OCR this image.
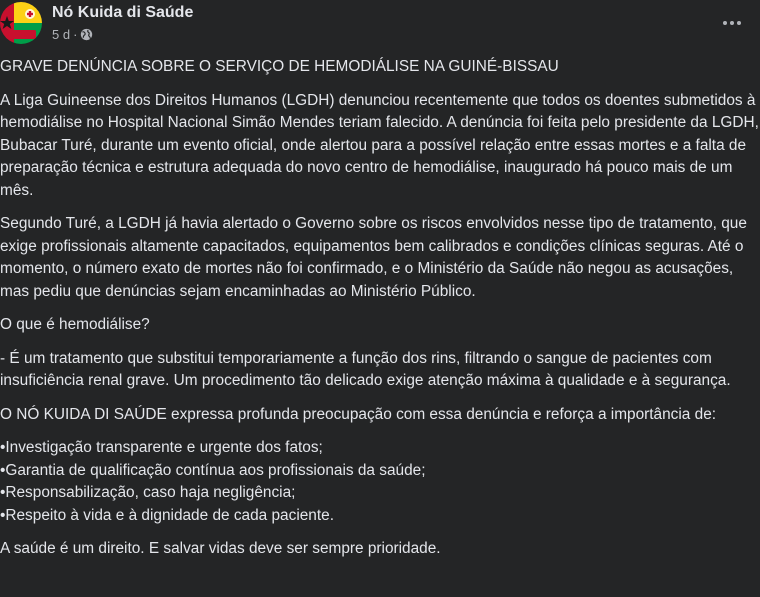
Nó Kuida di Saúde
5 d ·

GRAVE DENÚNCIA SOBRE O SERVIÇO DE HEMODIÁLISE NA GUINÉ-BISSAU

A Liga Guineense dos Direitos Humanos (LGDH) denunciou recentemente que todos os doentes submetidos à hemodiálise no Hospital Nacional Simão Mendes teriam falecido. A denúncia foi feita pelo presidente da LGDH, Bubacar Turé, durante um evento oficial, onde alertou para a possível relação entre essas mortes e a falta de preparação técnica e estrutura adequada do novo centro de hemodiálise, inaugurado há pouco mais de um mês.

Segundo Turé, a LGDH já havia alertado o Governo sobre os riscos envolvidos nesse tipo de tratamento, que exige profissionais altamente capacitados, equipamentos bem calibrados e condições clínicas seguras. Até o momento, o número exato de mortes não foi confirmado, e o Ministério da Saúde não negou as acusações, mas pediu que denúncias sejam encaminhadas ao Ministério Público.

O que é hemodiálise?

- É um tratamento que substitui temporariamente a função dos rins, filtrando o sangue de pacientes com insuficiência renal grave. Um procedimento tão delicado exige atenção máxima à qualidade e à segurança.

O NÓ KUIDA DI SAÚDE expressa profunda preocupação com essa denúncia e reforça a importância de:

•Investigação transparente e urgente dos fatos;

•Garantia de qualificação contínua aos profissionais da saúde;

•Responsabilização, caso haja negligência;

•Respeito à vida e à dignidade de cada paciente.

A saúde é um direito. E salvar vidas deve ser sempre prioridade.
